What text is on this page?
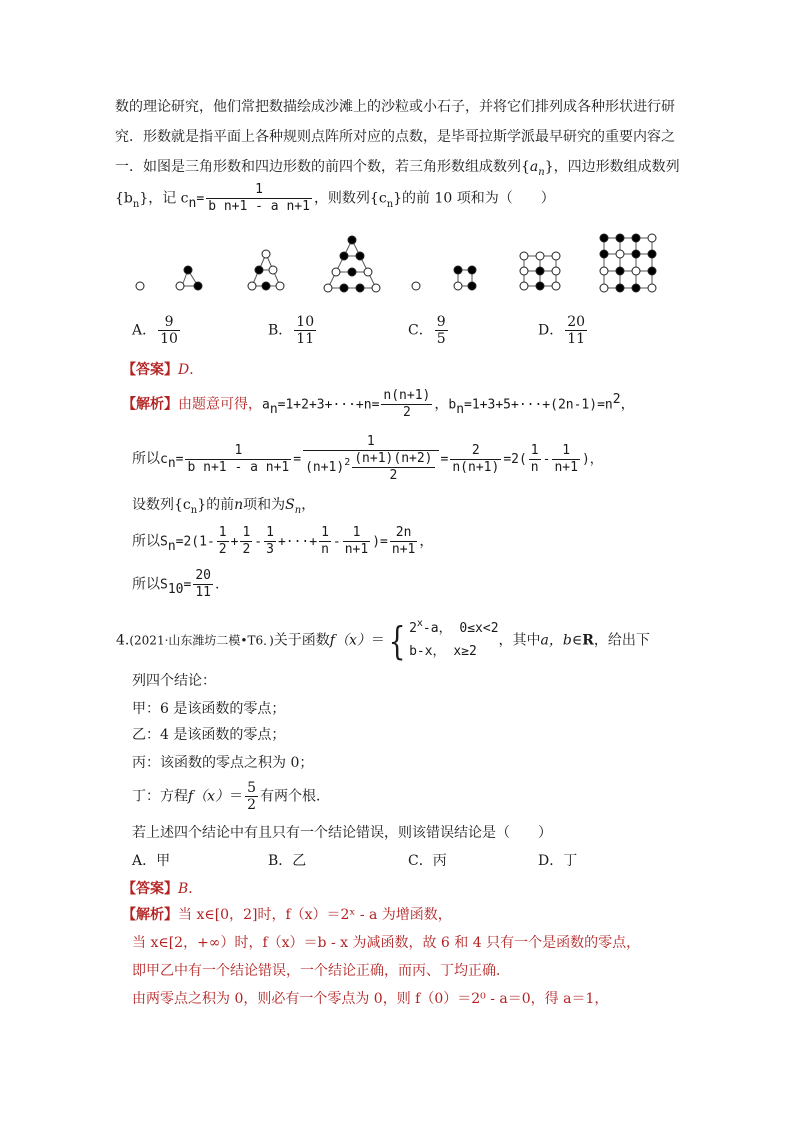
数的理论研究，他们常把数描绘成沙滩上的沙粒或小石子，并将它们排列成各种形状进行研
究．形数就是指平面上各种规则点阵所对应的点数，是毕哥拉斯学派最早研究的重要内容之
一．如图是三角形数和四边形数的前四个数，若三角形数组成数列$\{a_n\}$，四边形数组成数列
$\{b_n\}$，记 $cn= \frac{1}{\text{b n+1 - a n+1}}$ ，则数列$\{c_n\}$的前 10 项和为（　　）
A． $\frac{9}{10}$	B． $\frac{10}{11}$	C． $\frac{9}{5}$	D． $\frac{20}{11}$
【答案】D．
【解析】由题意可得，$an=1+2+3+\cdot\cdot\cdot+n= \frac{n(n+1)}{2}$ ，bn=1+3+5+···+(2n-1)=n2，
所以$cn= \frac{1}{\text{b n+1 - a n+1}} = \frac{1}{(n+1)^2 \frac{(n+1)(n+2)}{2}} = \frac{2}{n(n+1)} =2( \frac{1}{n} - \frac{1}{n+1}$ )，
设数列$\{c_n\}$的前n项和为$S_n$，
所以$Sn=2(1- \frac{1}{2} + \frac{1}{2} - \frac{1}{3}$ +···+ $\frac{1}{n} - \frac{1}{n+1}$ )= $\frac{2n}{n+1}$ ，
所以$S10= \frac{20}{11}$ .
4.(2021·山东潍坊二模•T6．)关于函数f（x）＝{ 2$^x$-a， 0≤x<2
b-x， x≥2
，其中a，b∈R，给出下
列四个结论：
甲：6 是该函数的零点；
乙：4 是该函数的零点；
丙：该函数的零点之积为 0；
丁：方程$f(x)= \frac{5}{2}$ 有两个根．
若上述四个结论中有且只有一个结论错误，则该错误结论是（　　）
A．甲	B．乙	C．丙	D．丁
【答案】B．
【解析】当 x∈[0，2]时，f（x）＝2ˣ - a 为增函数，
当 x∈[2，+∞）时，f（x）＝b - x 为减函数，故 6 和 4 只有一个是函数的零点，
即甲乙中有一个结论错误，一个结论正确，而丙、丁均正确．
由两零点之积为 0，则必有一个零点为 0，则 f（0）＝2⁰ - a＝0，得 a＝1，
